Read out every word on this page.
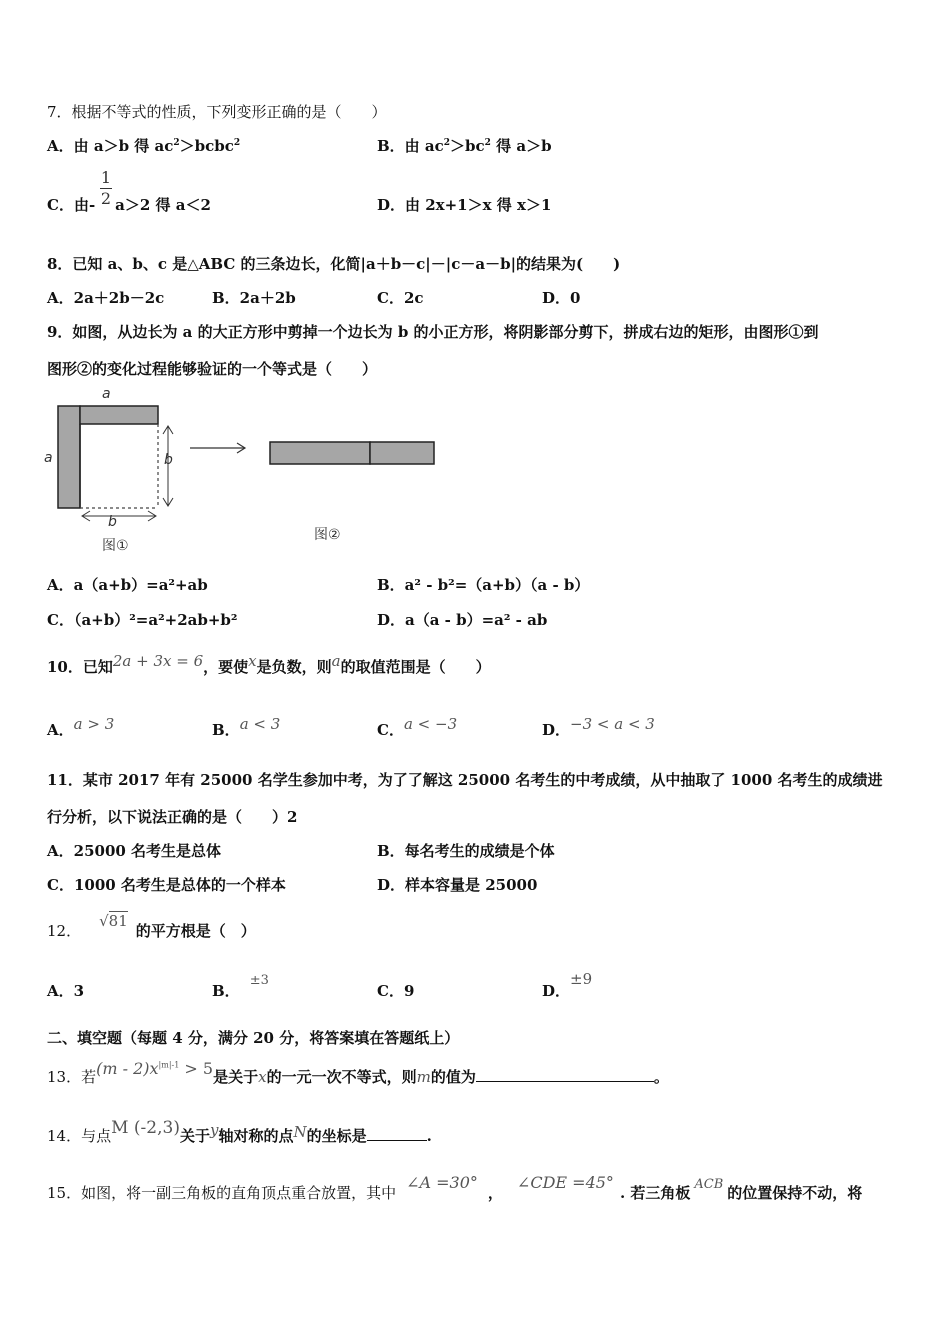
7．根据不等式的性质，下列变形正确的是（　　）
A．由 a＞b 得 $ac^2>bcbc^2$	B．由 $ac^2>bc^2$ 得 a＞b
$\frac{1}{2}$
C．由- a＞2 得 a＜2	D．由 2x+1＞x 得 x＞1
8．已知 a、b、c 是△ABC 的三条边长，化简|a＋b－c|－|c－a－b|的结果为(　　)
A．2a＋2b－2c	B．2a＋2b	C．2c	D．0
9．如图，从边长为 a 的大正方形中剪掉一个边长为 b 的小正方形，将阴影部分剪下，拼成右边的矩形，由图形①到
图形②的变化过程能够验证的一个等式是（　　）
a
a	b
b
图①
图②
A．a（a+b）=a²+ab	B．a² - b²=（a+b）（a - b）
C．（a+b）²=a²+2ab+b²	D．a（a - b）=a² - ab
10．已知2a + 3x = 6，要使x是负数，则a的取值范围是（　　）
A．a > 3	B．a < 3	C．a < −3	D．−3 < a < 3
11．某市 2017 年有 25000 名学生参加中考，为了了解这 25000 名考生的中考成绩，从中抽取了 1000 名考生的成绩进
行分析，以下说法正确的是（　　）2
A．25000 名考生是总体	B．每名考生的成绩是个体
C．1000 名考生是总体的一个样本	D．样本容量是 25000
12．√81的平方根是（　）
A．3	B．±3
C．9	D．±9
二、填空题（每题 4 分，满分 20 分，将答案填在答题纸上）
13．若$(m - 2)x^{|m|-1} > 5$是关于x的一元一次不等式，则m的值为	。
14．与点M (-2,3)关于y轴对称的点N的坐标是	.
15．如图，将一副三角板的直角顶点重合放置，其中∠A =30°，∠CDE =45°. 若三角板 ACB 的位置保持不动，将
